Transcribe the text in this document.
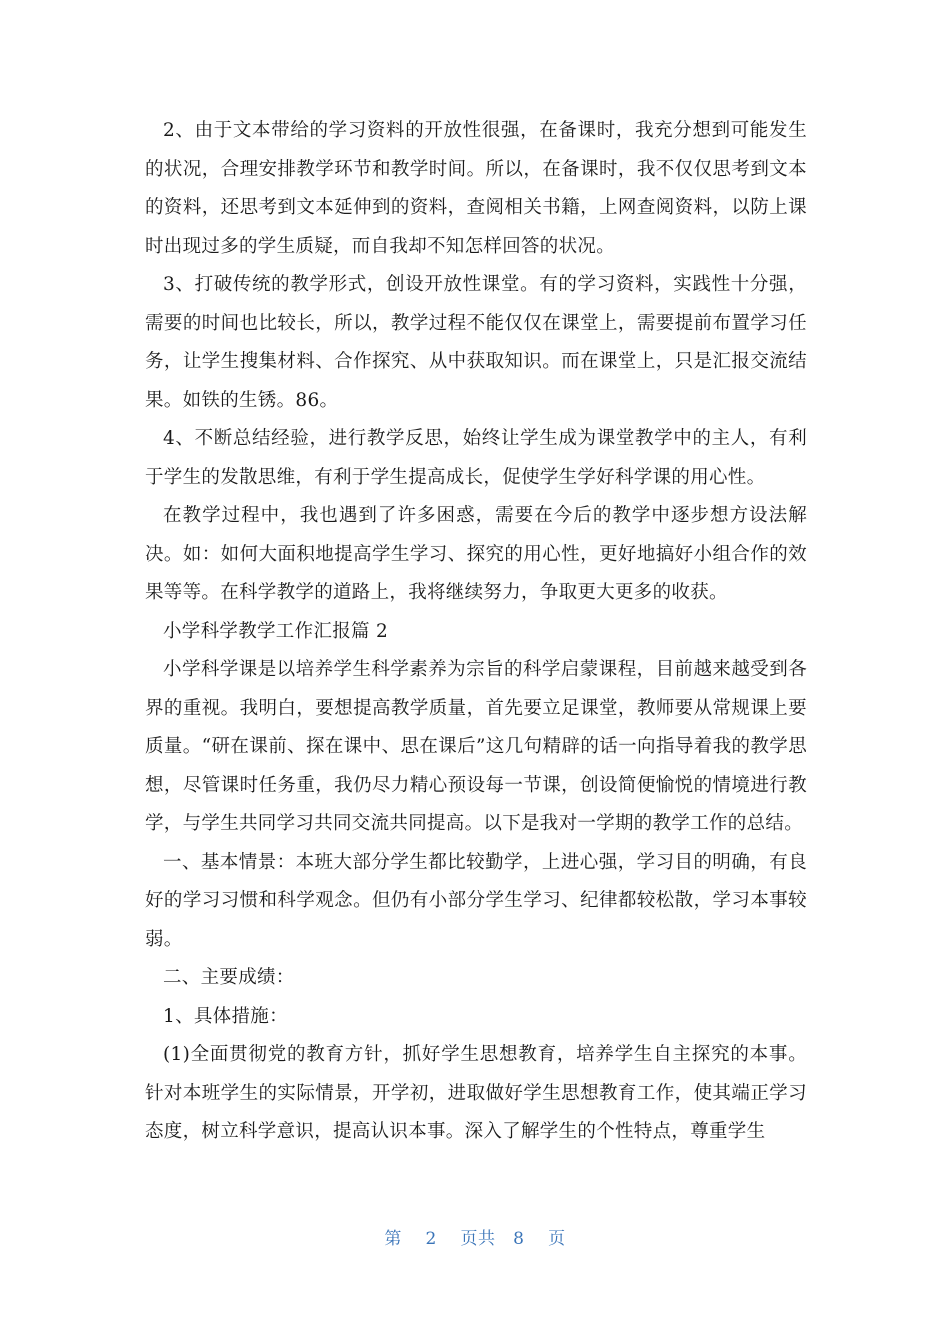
2、由于文本带给的学习资料的开放性很强，在备课时，我充分想到可能发生的状况，合理安排教学环节和教学时间。所以，在备课时，我不仅仅思考到文本的资料，还思考到文本延伸到的资料，查阅相关书籍，上网查阅资料，以防上课时出现过多的学生质疑，而自我却不知怎样回答的状况。

3、打破传统的教学形式，创设开放性课堂。有的学习资料，实践性十分强，需要的时间也比较长，所以，教学过程不能仅仅在课堂上，需要提前布置学习任务，让学生搜集材料、合作探究、从中获取知识。而在课堂上，只是汇报交流结果。如铁的生锈。86。

4、不断总结经验，进行教学反思，始终让学生成为课堂教学中的主人，有利于学生的发散思维，有利于学生提高成长，促使学生学好科学课的用心性。

在教学过程中，我也遇到了许多困惑，需要在今后的教学中逐步想方设法解决。如：如何大面积地提高学生学习、探究的用心性，更好地搞好小组合作的效果等等。在科学教学的道路上，我将继续努力，争取更大更多的收获。

小学科学教学工作汇报篇 2

小学科学课是以培养学生科学素养为宗旨的科学启蒙课程，目前越来越受到各界的重视。我明白，要想提高教学质量，首先要立足课堂，教师要从常规课上要质量。“研在课前、探在课中、思在课后”这几句精辟的话一向指导着我的教学思想，尽管课时任务重，我仍尽力精心预设每一节课，创设简便愉悦的情境进行教学，与学生共同学习共同交流共同提高。以下是我对一学期的教学工作的总结。

一、基本情景：本班大部分学生都比较勤学，上进心强，学习目的明确，有良好的学习习惯和科学观念。但仍有小部分学生学习、纪律都较松散，学习本事较弱。

二、主要成绩：

1、具体措施：

(1)全面贯彻党的教育方针，抓好学生思想教育，培养学生自主探究的本事。针对本班学生的实际情景，开学初，进取做好学生思想教育工作，使其端正学习态度，树立科学意识，提高认识本事。深入了解学生的个性特点，尊重学生

第 2 页共 8 页
